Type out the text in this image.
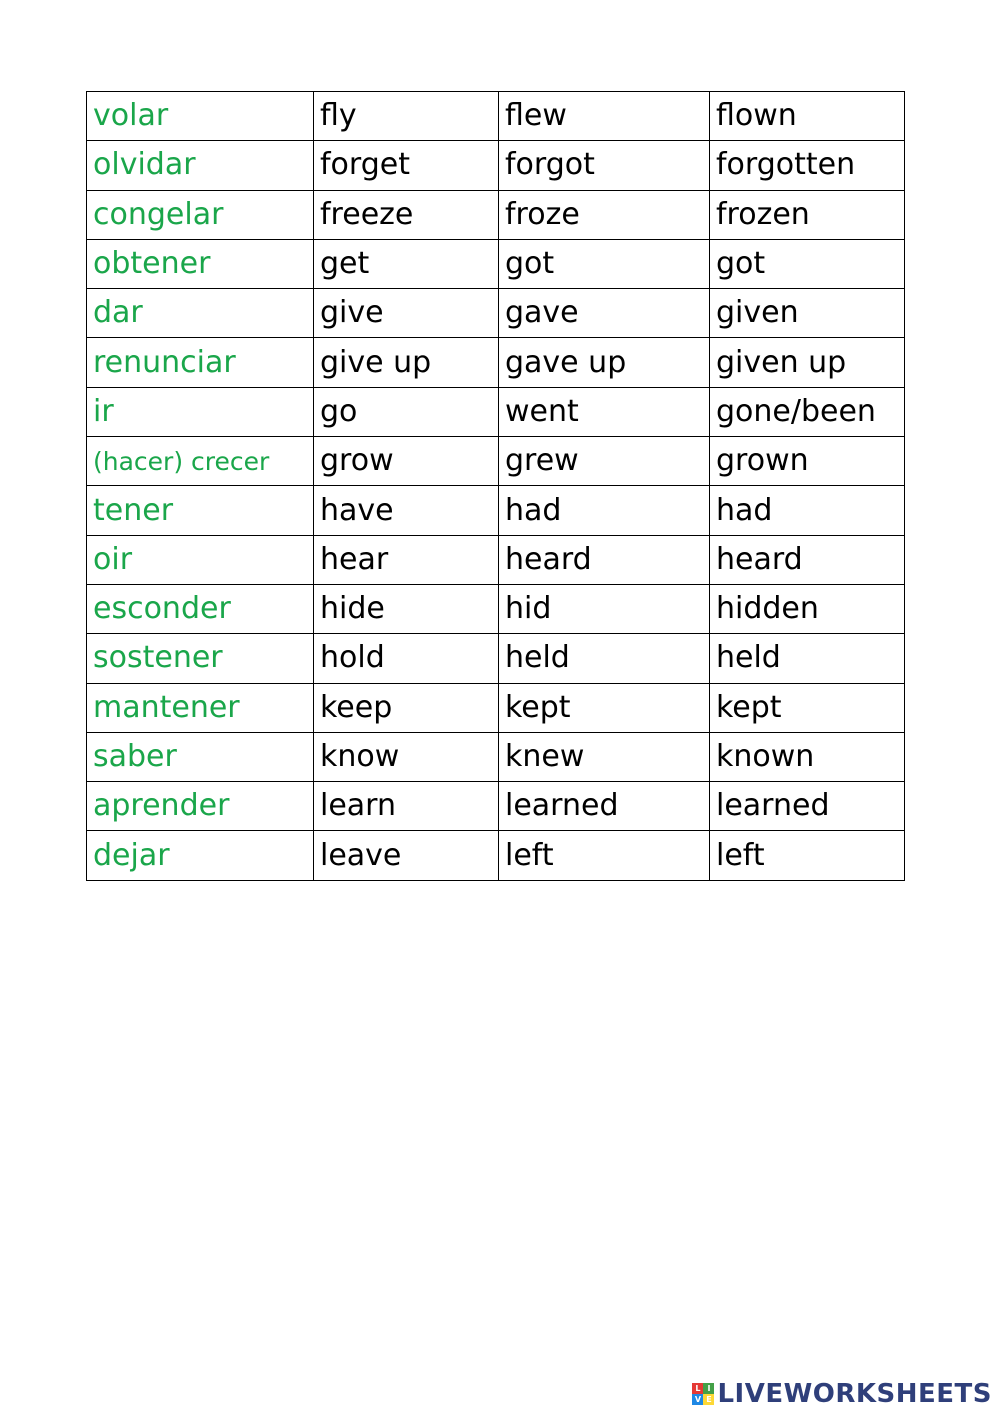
volar	fly	flew	flown
olvidar	forget	forgot	forgotten
congelar	freeze	froze	frozen
obtener	get	got	got
dar	give	gave	given
renunciar	give up	gave up	given up
ir	go	went	gone/been
(hacer) crecer	grow	grew	grown
tener	have	had	had
oir	hear	heard	heard
esconder	hide	hid	hidden
sostener	hold	held	held
mantener	keep	kept	kept
saber	know	knew	known
aprender	learn	learned	learned
dejar	leave	left	left
L I
V E LIVEWORKSHEETS
